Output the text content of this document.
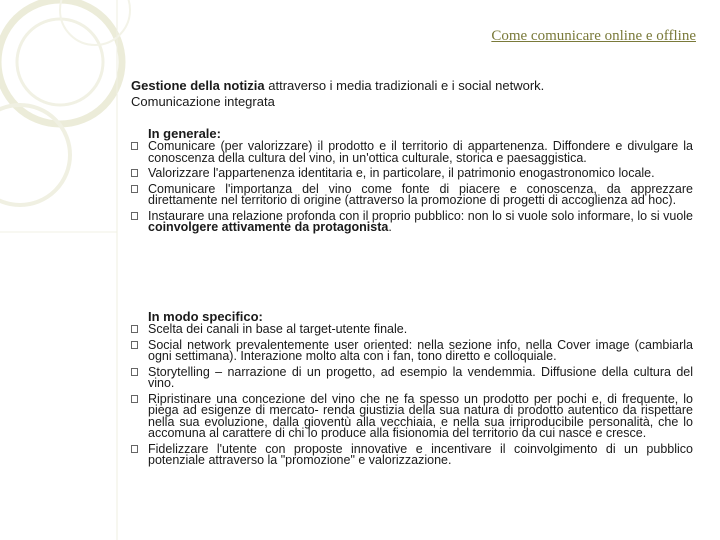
Come comunicare online e offline
Gestione della notizia attraverso i media tradizionali e i social network.
Comunicazione integrata
In generale:
Comunicare (per valorizzare) il prodotto e il territorio di appartenenza. Diffondere e divulgare la conoscenza della cultura del vino, in un'ottica culturale, storica e paesaggistica.
Valorizzare l'appartenenza identitaria e, in particolare, il patrimonio enogastronomico locale.
Comunicare l'importanza del vino come fonte di piacere e conoscenza, da apprezzare direttamente nel territorio di origine (attraverso la promozione di progetti di accoglienza ad hoc).
Instaurare una relazione profonda con il proprio pubblico: non lo si vuole solo informare, lo si vuole coinvolgere attivamente da protagonista.
In modo specifico:
Scelta dei canali in base al target-utente finale.
Social network prevalentemente user oriented: nella sezione info, nella Cover image (cambiarla ogni settimana). Interazione molto alta con i fan, tono diretto e colloquiale.
Storytelling – narrazione di un progetto, ad esempio la vendemmia. Diffusione della cultura del vino.
Ripristinare una concezione del vino che ne fa spesso un prodotto per pochi e, di frequente, lo piega ad esigenze di mercato- renda giustizia della sua natura di prodotto autentico da rispettare nella sua evoluzione, dalla gioventù alla vecchiaia, e nella sua irriproducibile personalità, che lo accomuna al carattere di chi lo produce alla fisionomia del territorio da cui nasce e cresce.
Fidelizzare l'utente con proposte innovative e incentivare il coinvolgimento di un pubblico potenziale attraverso la "promozione" e valorizzazione.
